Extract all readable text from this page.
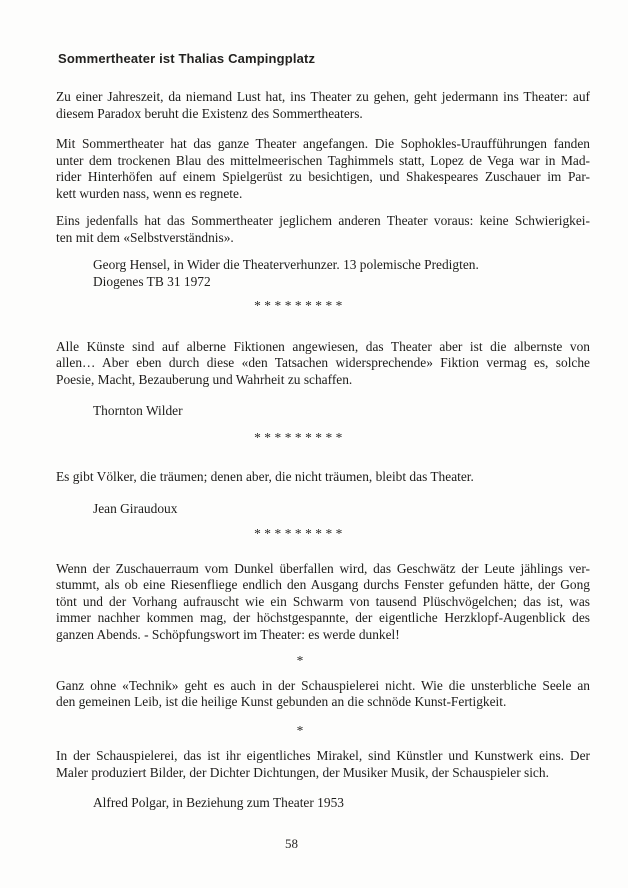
Sommertheater ist Thalias Campingplatz
Zu einer Jahreszeit, da niemand Lust hat, ins Theater zu gehen, geht jedermann ins Theater: auf
diesem Paradox beruht die Existenz des Sommertheaters.
Mit Sommertheater hat das ganze Theater angefangen. Die Sophokles-Uraufführungen fanden
unter dem trockenen Blau des mittelmeerischen Taghimmels statt, Lopez de Vega war in Mad-
rider Hinterhöfen auf einem Spielgerüst zu besichtigen, und Shakespeares Zuschauer im Par-
kett wurden nass, wenn es regnete.
Eins jedenfalls hat das Sommertheater jeglichem anderen Theater voraus: keine Schwierigkei-
ten mit dem «Selbstverständnis».
Georg Hensel, in Wider die Theaterverhunzer. 13 polemische Predigten.
Diogenes TB 31 1972
*********
Alle Künste sind auf alberne Fiktionen angewiesen, das Theater aber ist die albernste von
allen… Aber eben durch diese «den Tatsachen widersprechende» Fiktion vermag es, solche
Poesie, Macht, Bezauberung und Wahrheit zu schaffen.
Thornton Wilder
*********
Es gibt Völker, die träumen; denen aber, die nicht träumen, bleibt das Theater.
Jean Giraudoux
*********
Wenn der Zuschauerraum vom Dunkel überfallen wird, das Geschwätz der Leute jählings ver-
stummt, als ob eine Riesenfliege endlich den Ausgang durchs Fenster gefunden hätte, der Gong
tönt und der Vorhang aufrauscht wie ein Schwarm von tausend Plüschvögelchen; das ist, was
immer nachher kommen mag, der höchstgespannte, der eigentliche Herzklopf-Augenblick des
ganzen Abends. - Schöpfungswort im Theater: es werde dunkel!
*
Ganz ohne «Technik» geht es auch in der Schauspielerei nicht. Wie die unsterbliche Seele an
den gemeinen Leib, ist die heilige Kunst gebunden an die schnöde Kunst-Fertigkeit.
*
In der Schauspielerei, das ist ihr eigentliches Mirakel, sind Künstler und Kunstwerk eins. Der
Maler produziert Bilder, der Dichter Dichtungen, der Musiker Musik, der Schauspieler sich.
Alfred Polgar, in Beziehung zum Theater 1953
58
